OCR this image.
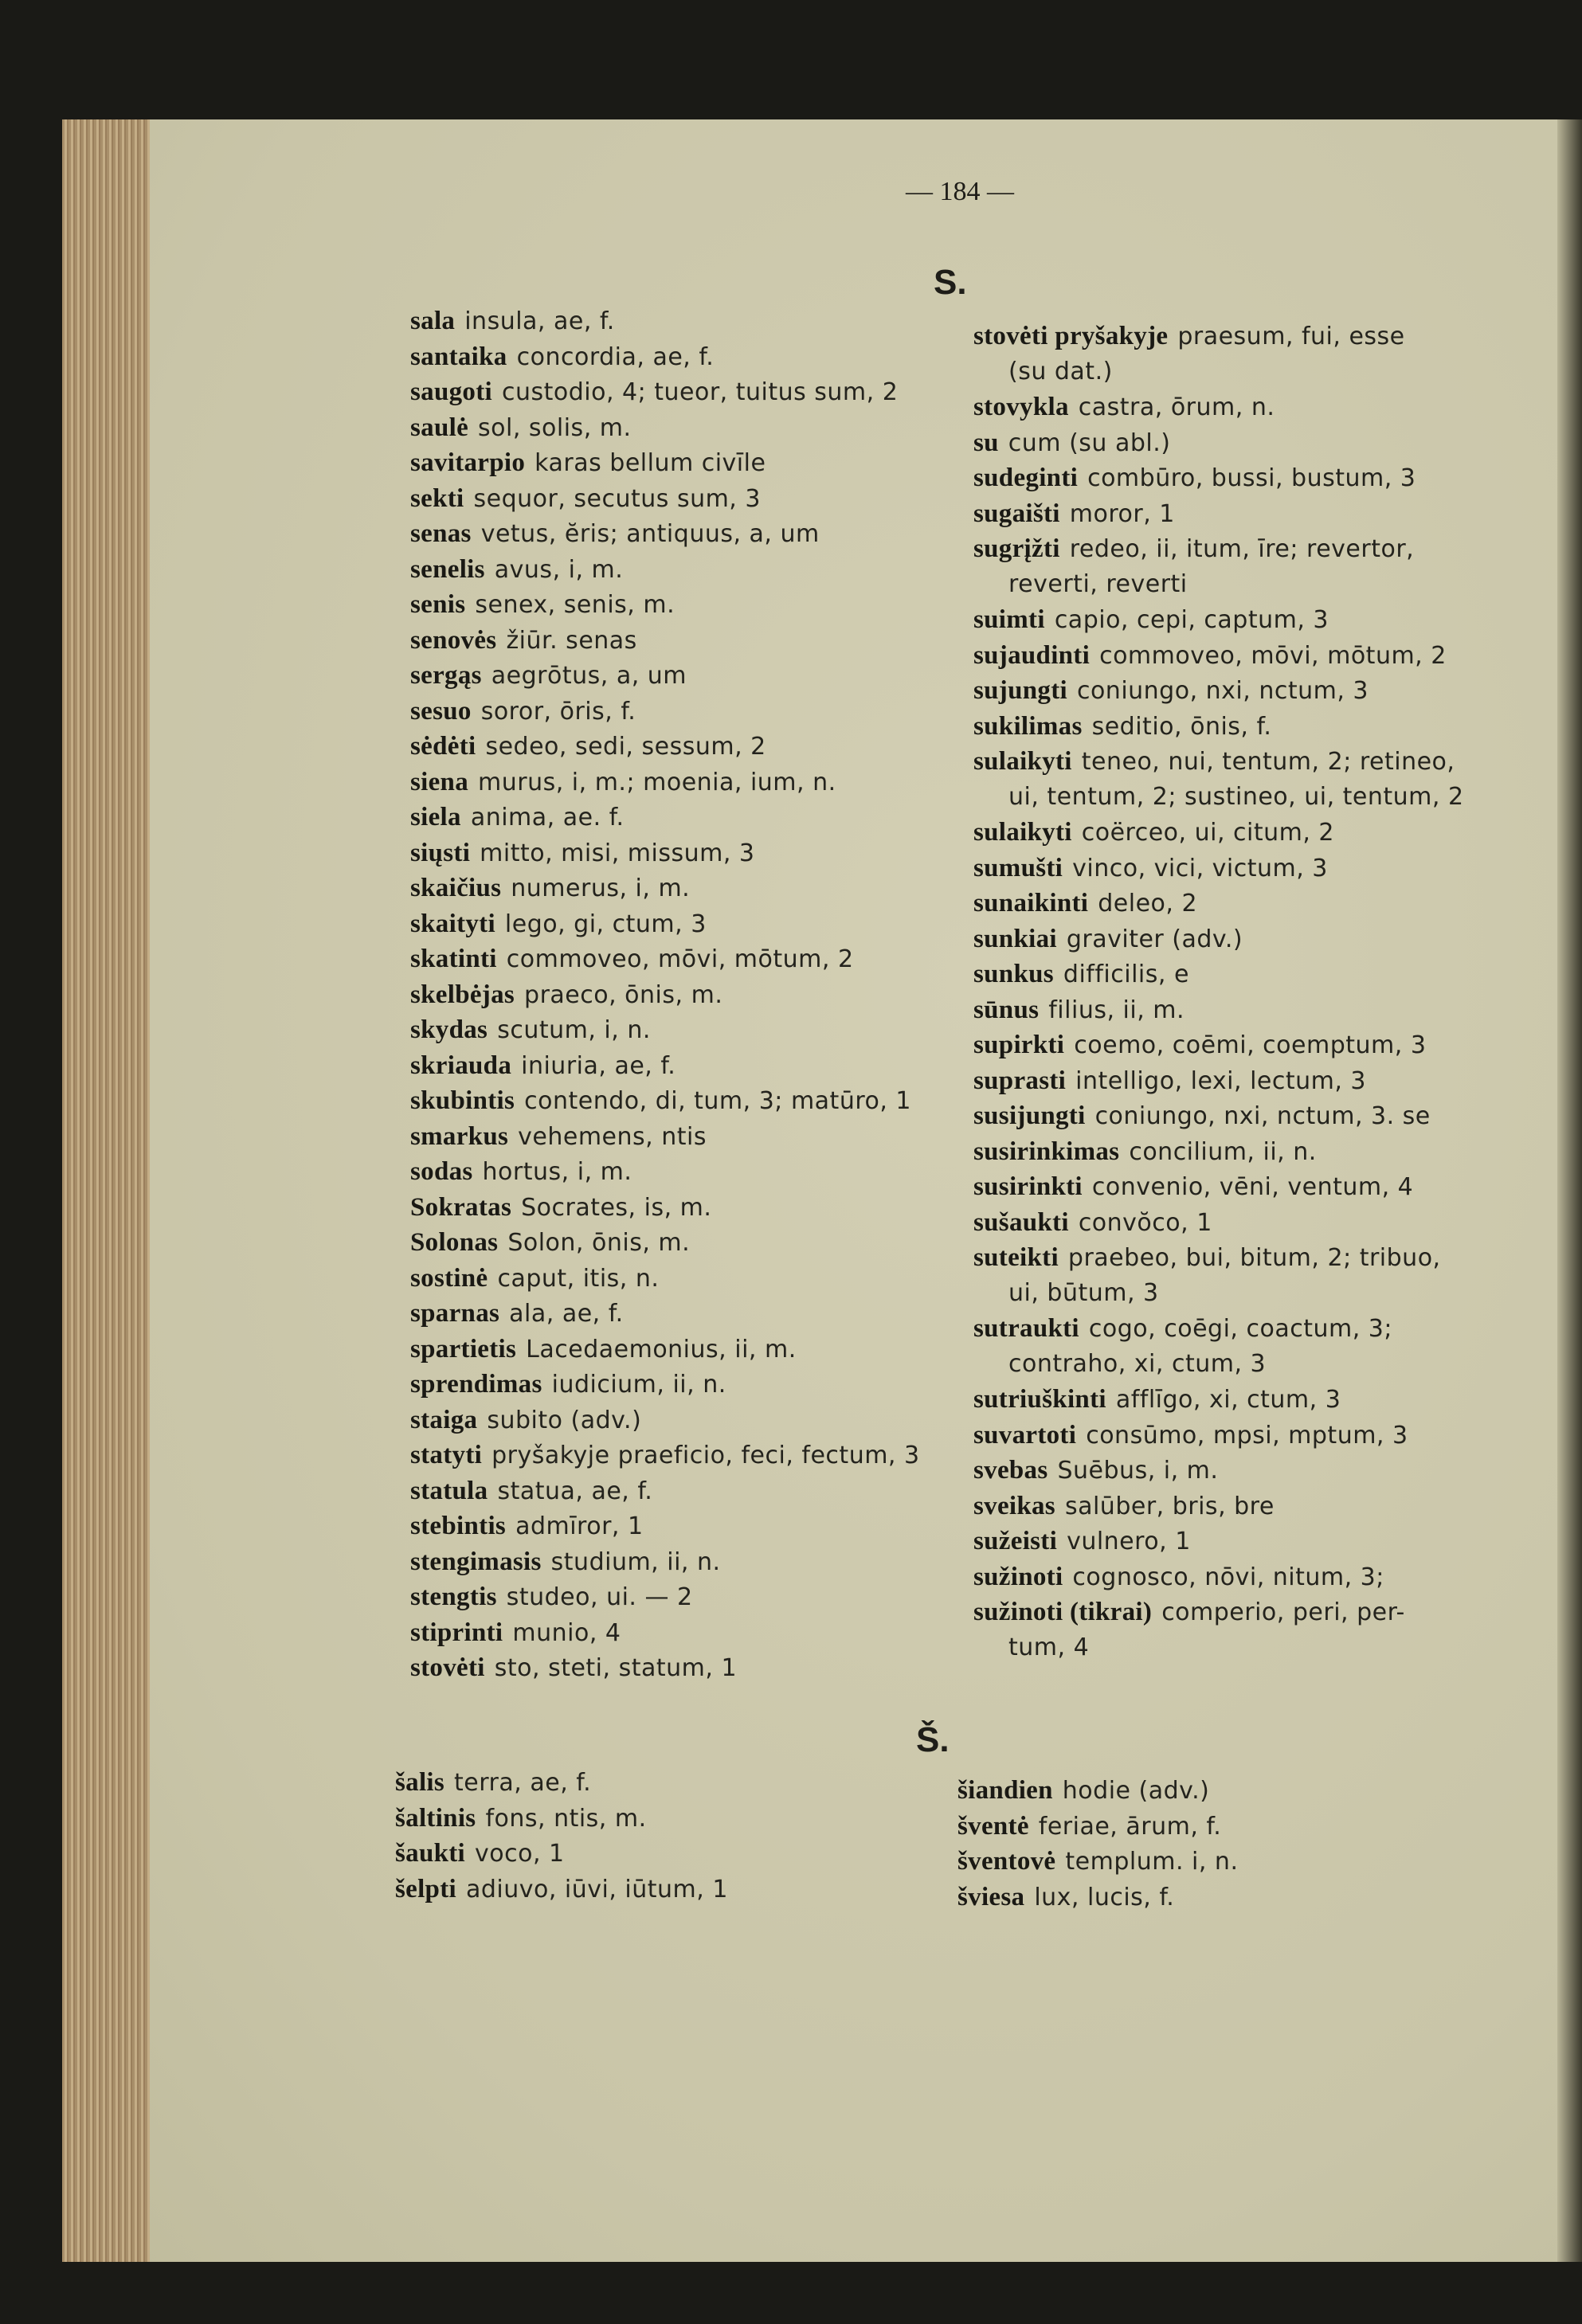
— 184 —
S.
sala insula, ae, f.
santaika concordia, ae, f.
saugoti custodio, 4; tueor, tuitus sum, 2
saulė sol, solis, m.
savitarpio karas bellum civīle
sekti sequor, secutus sum, 3
senas vetus, ĕris; antiquus, a, um
senelis avus, i, m.
senis senex, senis, m.
senovės žiūr. senas
sergąs aegrōtus, a, um
sesuo soror, ōris, f.
sėdėti sedeo, sedi, sessum, 2
siena murus, i, m.; moenia, ium, n.
siela anima, ae. f.
siųsti mitto, misi, missum, 3
skaičius numerus, i, m.
skaityti lego, gi, ctum, 3
skatinti commoveo, mōvi, mōtum, 2
skelbėjas praeco, ōnis, m.
skydas scutum, i, n.
skriauda iniuria, ae, f.
skubintis contendo, di, tum, 3; matūro, 1
smarkus vehemens, ntis
sodas hortus, i, m.
Sokratas Socrates, is, m.
Solonas Solon, ōnis, m.
sostinė caput, itis, n.
sparnas ala, ae, f.
spartietis Lacedaemonius, ii, m.
sprendimas iudicium, ii, n.
staiga subito (adv.)
statyti pryšakyje praeficio, feci, fectum, 3
statula statua, ae, f.
stebintis admīror, 1
stengimasis studium, ii, n.
stengtis studeo, ui. — 2
stiprinti munio, 4
stovėti sto, steti, statum, 1
stovėti pryšakyje praesum, fui, esse
(su dat.)
stovykla castra, ōrum, n.
su cum (su abl.)
sudeginti combūro, bussi, bustum, 3
sugaišti moror, 1
sugrįžti redeo, ii, itum, īre; revertor,
reverti, reverti
suimti capio, cepi, captum, 3
sujaudinti commoveo, mōvi, mōtum, 2
sujungti coniungo, nxi, nctum, 3
sukilimas seditio, ōnis, f.
sulaikyti teneo, nui, tentum, 2; retineo,
ui, tentum, 2; sustineo, ui, tentum, 2
sulaikyti coërceo, ui, citum, 2
sumušti vinco, vici, victum, 3
sunaikinti deleo, 2
sunkiai graviter (adv.)
sunkus difficilis, e
sūnus filius, ii, m.
supirkti coemo, coēmi, coemptum, 3
suprasti intelligo, lexi, lectum, 3
susijungti coniungo, nxi, nctum, 3. se
susirinkimas concilium, ii, n.
susirinkti convenio, vēni, ventum, 4
sušaukti convŏco, 1
suteikti praebeo, bui, bitum, 2; tribuo,
ui, būtum, 3
sutraukti cogo, coēgi, coactum, 3;
contraho, xi, ctum, 3
sutriuškinti afflīgo, xi, ctum, 3
suvartoti consūmo, mpsi, mptum, 3
svebas Suēbus, i, m.
sveikas salūber, bris, bre
sužeisti vulnero, 1
sužinoti cognosco, nōvi, nitum, 3;
sužinoti (tikrai) comperio, peri, per-
tum, 4
Š.
šalis terra, ae, f.
šaltinis fons, ntis, m.
šaukti voco, 1
šelpti adiuvo, iūvi, iūtum, 1
šiandien hodie (adv.)
šventė feriae, ārum, f.
šventovė templum. i, n.
šviesa lux, lucis, f.
